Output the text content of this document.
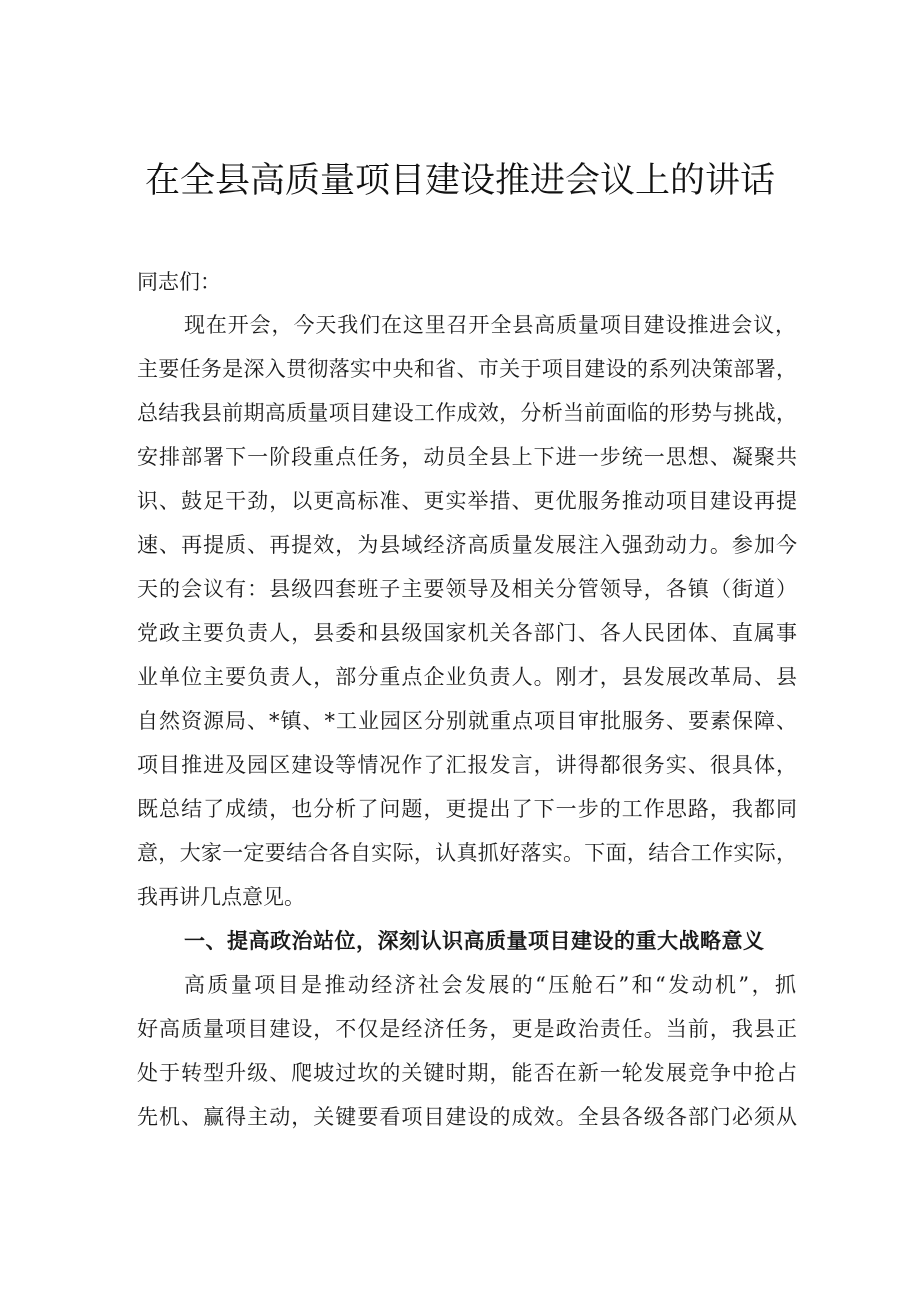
在全县高质量项目建设推进会议上的讲话
同志们：
现在开会，今天我们在这里召开全县高质量项目建设推进会议，
主要任务是深入贯彻落实中央和省、市关于项目建设的系列决策部署，
总结我县前期高质量项目建设工作成效，分析当前面临的形势与挑战，
安排部署下一阶段重点任务，动员全县上下进一步统一思想、凝聚共
识、鼓足干劲，以更高标准、更实举措、更优服务推动项目建设再提
速、再提质、再提效，为县域经济高质量发展注入强劲动力。参加今
天的会议有：县级四套班子主要领导及相关分管领导，各镇（街道）
党政主要负责人，县委和县级国家机关各部门、各人民团体、直属事
业单位主要负责人，部分重点企业负责人。刚才，县发展改革局、县
自然资源局、*镇、*工业园区分别就重点项目审批服务、要素保障、
项目推进及园区建设等情况作了汇报发言，讲得都很务实、很具体，
既总结了成绩，也分析了问题，更提出了下一步的工作思路，我都同
意，大家一定要结合各自实际，认真抓好落实。下面，结合工作实际，
我再讲几点意见。
一、提高政治站位，深刻认识高质量项目建设的重大战略意义
高质量项目是推动经济社会发展的“压舱石”和“发动机”，抓
好高质量项目建设，不仅是经济任务，更是政治责任。当前，我县正
处于转型升级、爬坡过坎的关键时期，能否在新一轮发展竞争中抢占
先机、赢得主动，关键要看项目建设的成效。全县各级各部门必须从
